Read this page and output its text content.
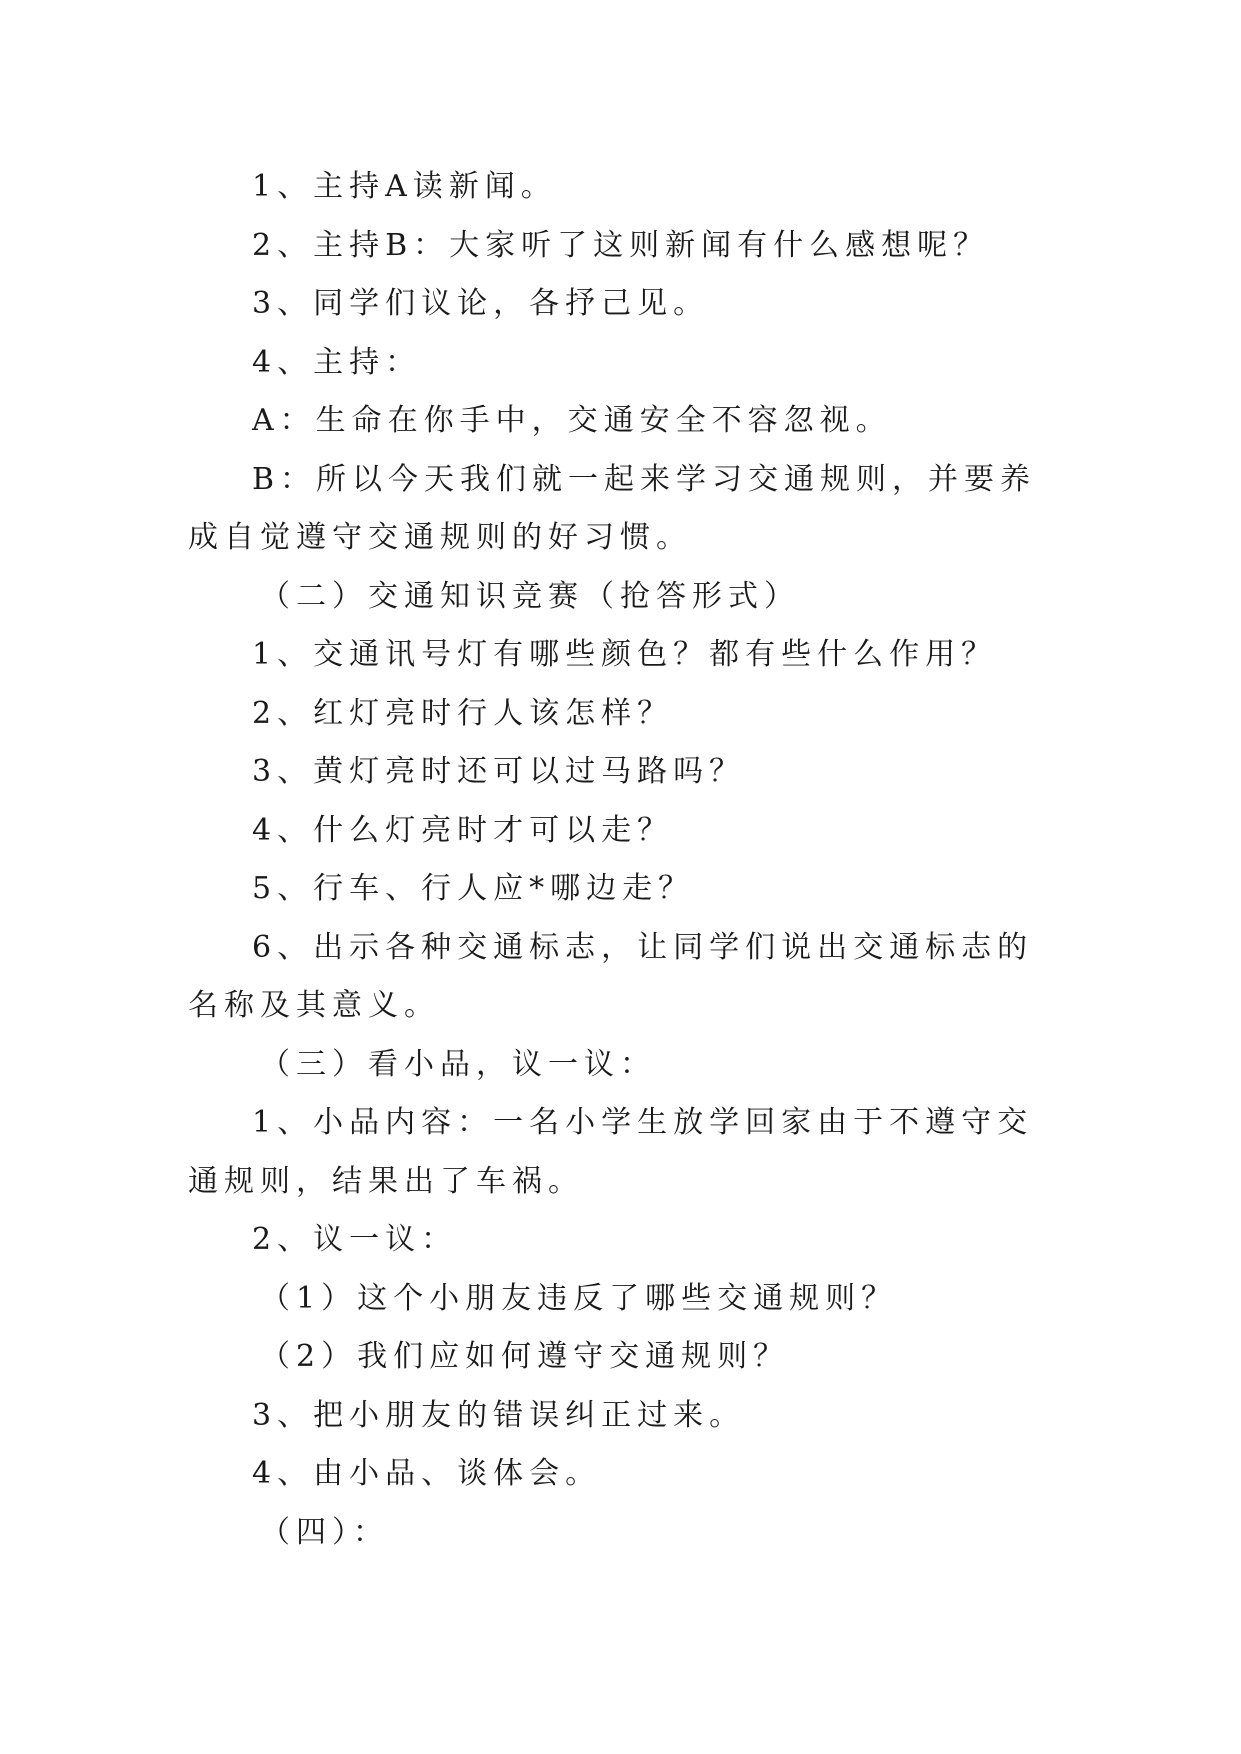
1、主持A读新闻。

2、主持B：大家听了这则新闻有什么感想呢？

3、同学们议论，各抒己见。

4、主持：

A：生命在你手中，交通安全不容忽视。

B：所以今天我们就一起来学习交通规则，并要养成自觉遵守交通规则的好习惯。

（二）交通知识竞赛（抢答形式）

1、交通讯号灯有哪些颜色？都有些什么作用？

2、红灯亮时行人该怎样？

3、黄灯亮时还可以过马路吗？

4、什么灯亮时才可以走？

5、行车、行人应*哪边走？

6、出示各种交通标志，让同学们说出交通标志的名称及其意义。

（三）看小品，议一议：

1、小品内容：一名小学生放学回家由于不遵守交通规则，结果出了车祸。

2、议一议：

（1）这个小朋友违反了哪些交通规则？

（2）我们应如何遵守交通规则？

3、把小朋友的错误纠正过来。

4、由小品、谈体会。

（四）：
